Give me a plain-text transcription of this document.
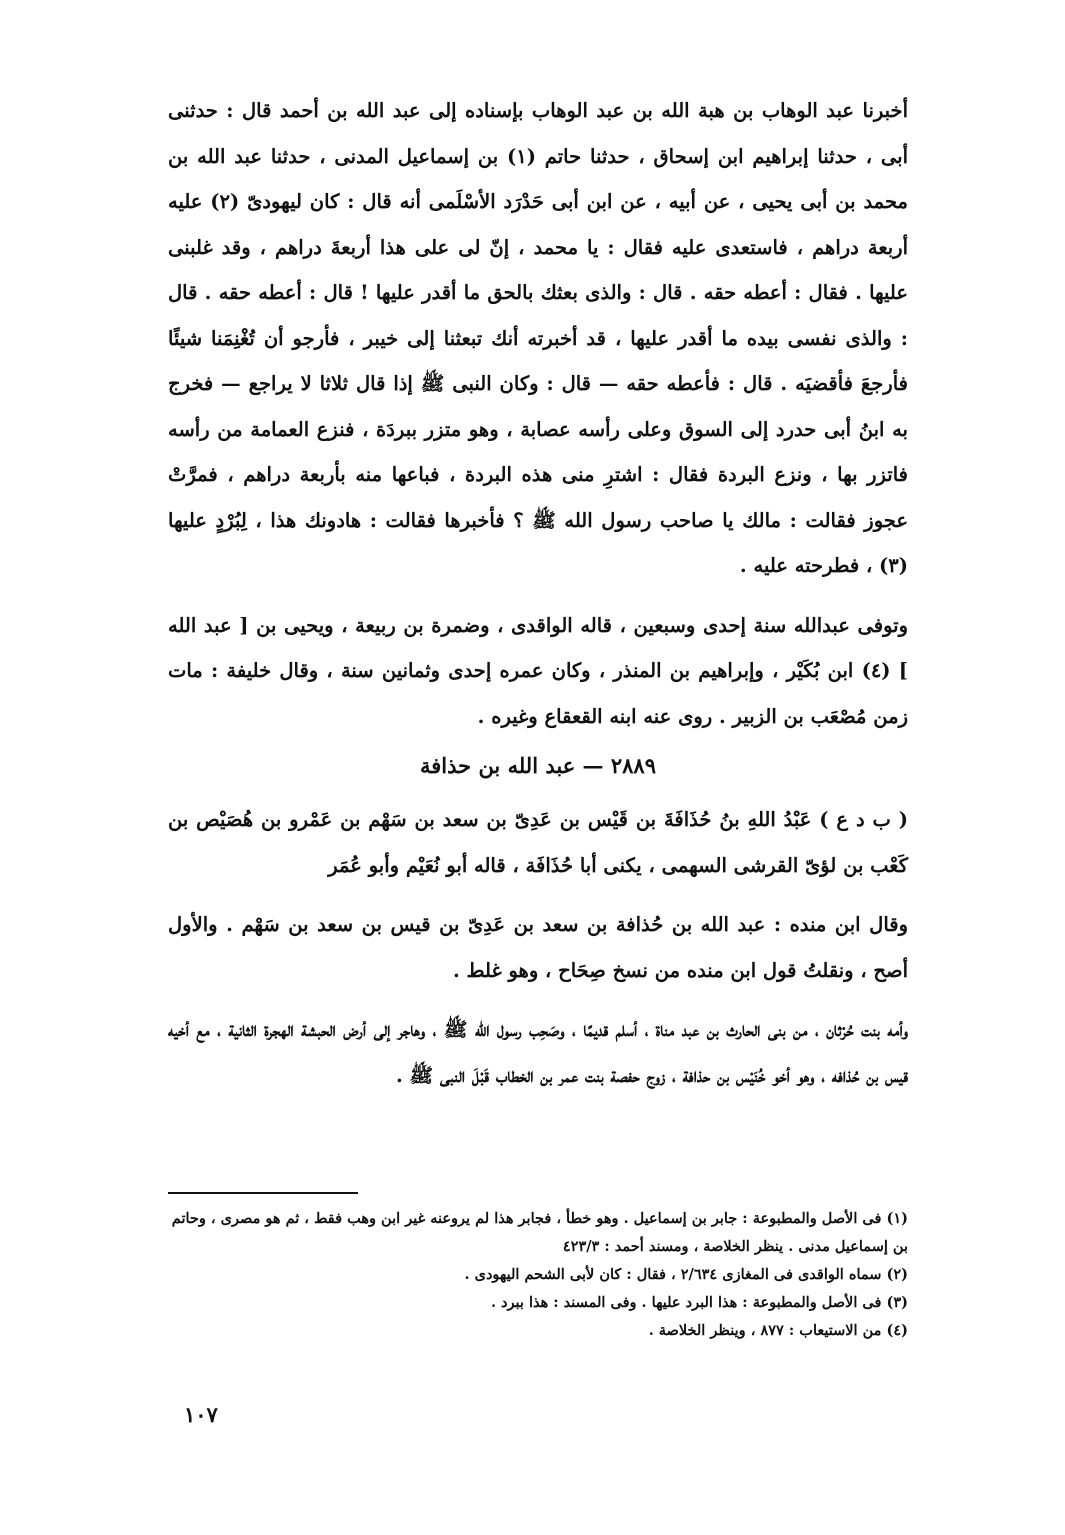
أخبرنا عبد الوهاب بن هبة الله بن عبد الوهاب بإسناده إلى عبد الله بن أحمد قال : حدثنى أبى ، حدثنا إبراهيم ابن إسحاق ، حدثنا حاتم (١) بن إسماعيل المدنى ، حدثنا عبد الله بن محمد بن أبى يحيى ، عن أبيه ، عن ابن أبى حَدْرَد الأسْلَمى أنه قال : كان ليهودىّ (٢) عليه أربعة دراهم ، فاستعدى عليه فقال : يا محمد ، إنّ لى على هذا أربعةَ دراهم ، وقد غلبنى عليها . فقال : أعطه حقه . قال : والذى بعثك بالحق ما أقدر عليها ! قال : أعطه حقه . قال : والذى نفسى بيده ما أقدر عليها ، قد أخبرته أنك تبعثنا إلى خيبر ، فأرجو أن تُغْنِمَنا شيئًا فأرجعَ فأقضيَه . قال : فأعطه حقه — قال : وكان النبى ﷺ إذا قال ثلاثا لا يراجع — فخرج به ابنُ أبى حدرد إلى السوق وعلى رأسه عصابة ، وهو متزر ببردَة ، فنزع العمامة من رأسه فاتزر بها ، ونزع البردة فقال : اشترِ منى هذه البردة ، فباعها منه بأربعة دراهم ، فمرَّتْ عجوز فقالت : مالك يا صاحب رسول الله ﷺ ؟ فأخبرها فقالت : هادونك هذا ، لِبُرْدٍ عليها (٣) ، فطرحته عليه .

وتوفى عبدالله سنة إحدى وسبعين ، قاله الواقدى ، وضمرة بن ربيعة ، ويحيى بن [ عبد الله ] (٤) ابن بُكَيْر ، وإبراهيم بن المنذر ، وكان عمره إحدى وثمانين سنة ، وقال خليفة : مات زمن مُصْعَب بن الزبير . روى عنه ابنه القعقاع وغيره .

٢٨٨٩ — عبد الله بن حذافة

( ب د ع ) عَبْدُ اللهِ بنُ حُذَافَةَ بن قَيْس بن عَدِىّ بن سعد بن سَهْم بن عَمْرو بن هُصَيْص بن كَعْب بن لؤىّ القرشى السهمى ، يكنى أبا حُذَافَة ، قاله أبو نُعَيْم وأبو عُمَر

وقال ابن منده : عبد الله بن حُذافة بن سعد بن عَدِىّ بن قيس بن سعد بن سَهْم . والأول أصح ، ونقلتُ قول ابن منده من نسخ صِحَاح ، وهو غلط .

وأمه بنت حُرْثان ، من بنى الحارث بن عبد مناة ، أسلم قديمًا ، وصَحِب رسول الله ﷺ ، وهاجر إلى أرض الحبشة الهجرة الثانية ، مع أخيه قيس بن حُذافه ، وهو أخو خُنَيْس بن حذافة ، زوج حفصة بنت عمر بن الخطاب قَبْلَ النبى ﷺ .

(١) فى الأصل والمطبوعة : جابر بن إسماعيل . وهو خطأ ، فجابر هذا لم يروعنه غير ابن وهب فقط ، ثم هو مصرى ، وحاتم بن إسماعيل مدنى . ينظر الخلاصة ، ومسند أحمد : ٤٢٣/٣

(٢) سماه الواقدى فى المغازى ٢/٦٣٤ ، فقال : كان لأبى الشحم اليهودى .

(٣) فى الأصل والمطبوعة : هذا البرد عليها . وفى المسند : هذا ببرد .

(٤) من الاستيعاب : ٨٧٧ ، وينظر الخلاصة .

١٠٧
